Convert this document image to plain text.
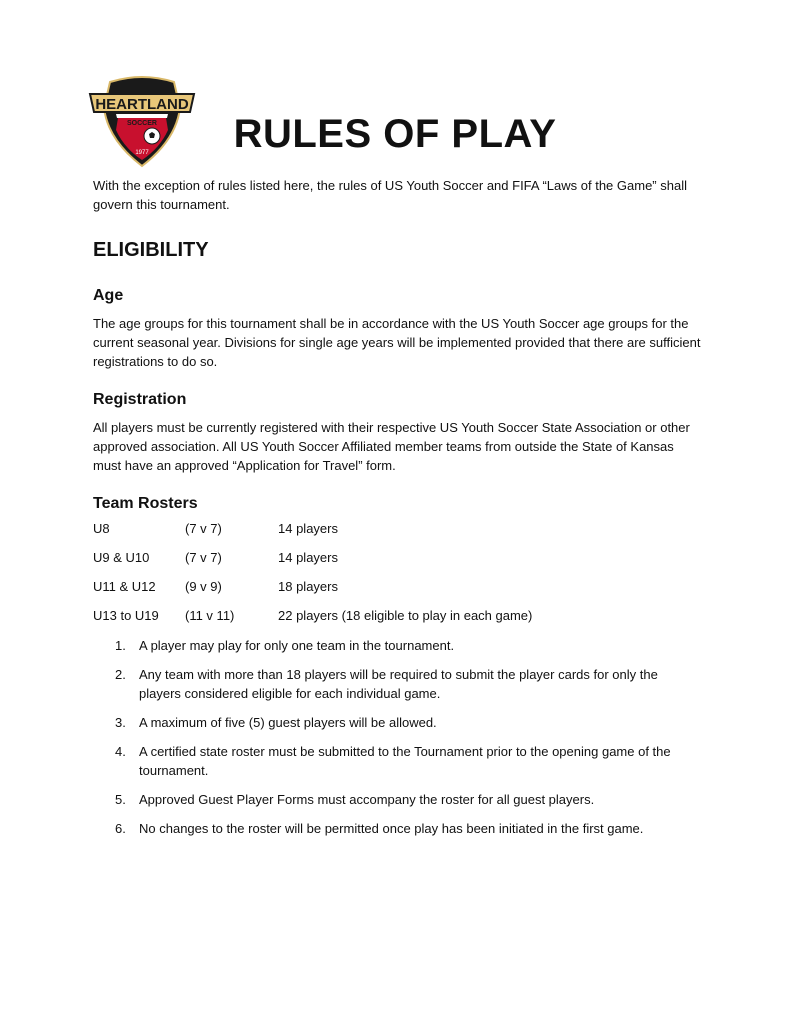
HEARTLAND
SOCCER
1977	RULES OF PLAY

With the exception of rules listed here, the rules of US Youth Soccer and FIFA “Laws of the Game” shall govern this tournament.

ELIGIBILITY
Age

The age groups for this tournament shall be in accordance with the US Youth Soccer age groups for the current seasonal year. Divisions for single age years will be implemented provided that there are sufficient registrations to do so.

Registration

All players must be currently registered with their respective US Youth Soccer State Association or other approved association. All US Youth Soccer Affiliated member teams from outside the State of Kansas must have an approved “Application for Travel” form.

Team Rosters
U8	(7 v 7)	14 players
U9 & U10	(7 v 7)	14 players
U11 & U12 (9 v 9)	18 players
U13 to U19 (11 v 11)	22 players (18 eligible to play in each game)
1. A player may play for only one team in the tournament.
2. Any team with more than 18 players will be required to submit the player cards for only the players considered eligible for each individual game.
3. A maximum of five (5) guest players will be allowed.
4. A certified state roster must be submitted to the Tournament prior to the opening game of the tournament.
5. Approved Guest Player Forms must accompany the roster for all guest players.
6. No changes to the roster will be permitted once play has been initiated in the first game.
